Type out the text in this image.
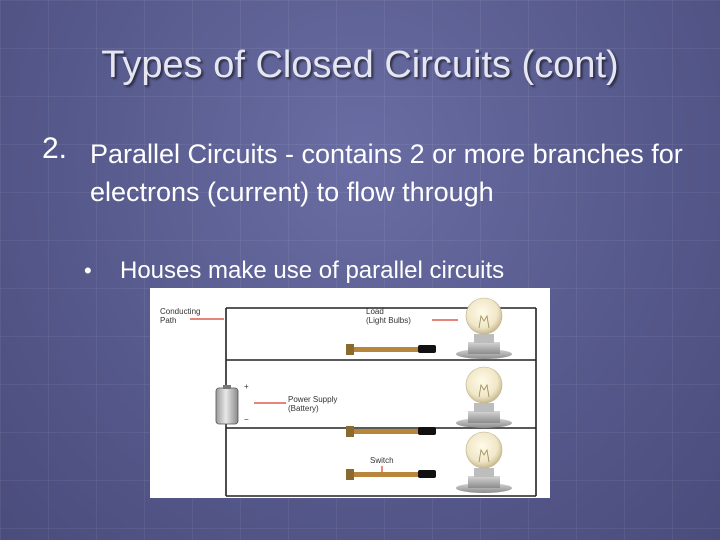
Types of Closed Circuits (cont)
2. Parallel Circuits - contains 2 or more branches for electrons (current) to flow through
• Houses make use of parallel circuits
Conducting
Path
Load
(Light Bulbs)
Power Supply
(Battery)
Switch
+
−
